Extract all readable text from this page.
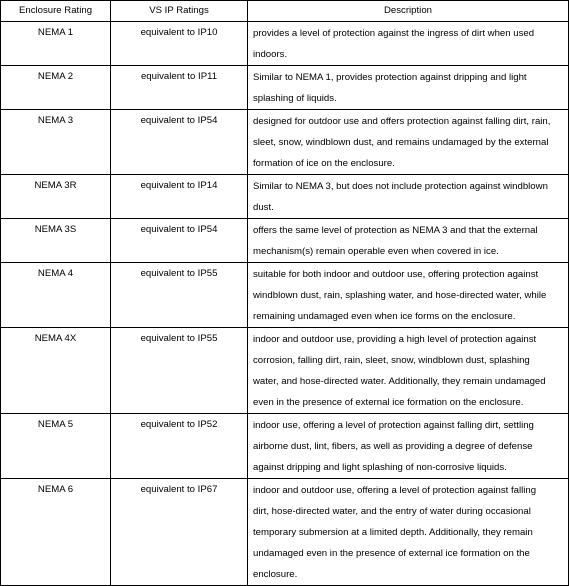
Enclosure Rating	VS IP Ratings	Description
NEMA 1	equivalent to IP10	provides a level of protection against the ingress of dirt when used
indoors.

NEMA 2	equivalent to IP11	Similar to NEMA 1, provides protection against dripping and light
splashing of liquids.

NEMA 3	equivalent to IP54	designed for outdoor use and offers protection against falling dirt, rain,
sleet, snow, windblown dust, and remains undamaged by the external
formation of ice on the enclosure.

NEMA 3R	equivalent to IP14	Similar to NEMA 3, but does not include protection against windblown
dust.

NEMA 3S	equivalent to IP54	offers the same level of protection as NEMA 3 and that the external
mechanism(s) remain operable even when covered in ice.

NEMA 4	equivalent to IP55	suitable for both indoor and outdoor use, offering protection against
windblown dust, rain, splashing water, and hose-directed water, while
remaining undamaged even when ice forms on the enclosure.

NEMA 4X	equivalent to IP55	indoor and outdoor use, providing a high level of protection against
corrosion, falling dirt, rain, sleet, snow, windblown dust, splashing
water, and hose-directed water. Additionally, they remain undamaged
even in the presence of external ice formation on the enclosure.

NEMA 5	equivalent to IP52	indoor use, offering a level of protection against falling dirt, settling
airborne dust, lint, fibers, as well as providing a degree of defense
against dripping and light splashing of non-corrosive liquids.

NEMA 6	equivalent to IP67	indoor and outdoor use, offering a level of protection against falling
dirt, hose-directed water, and the entry of water during occasional
temporary submersion at a limited depth. Additionally, they remain
undamaged even in the presence of external ice formation on the
enclosure.
